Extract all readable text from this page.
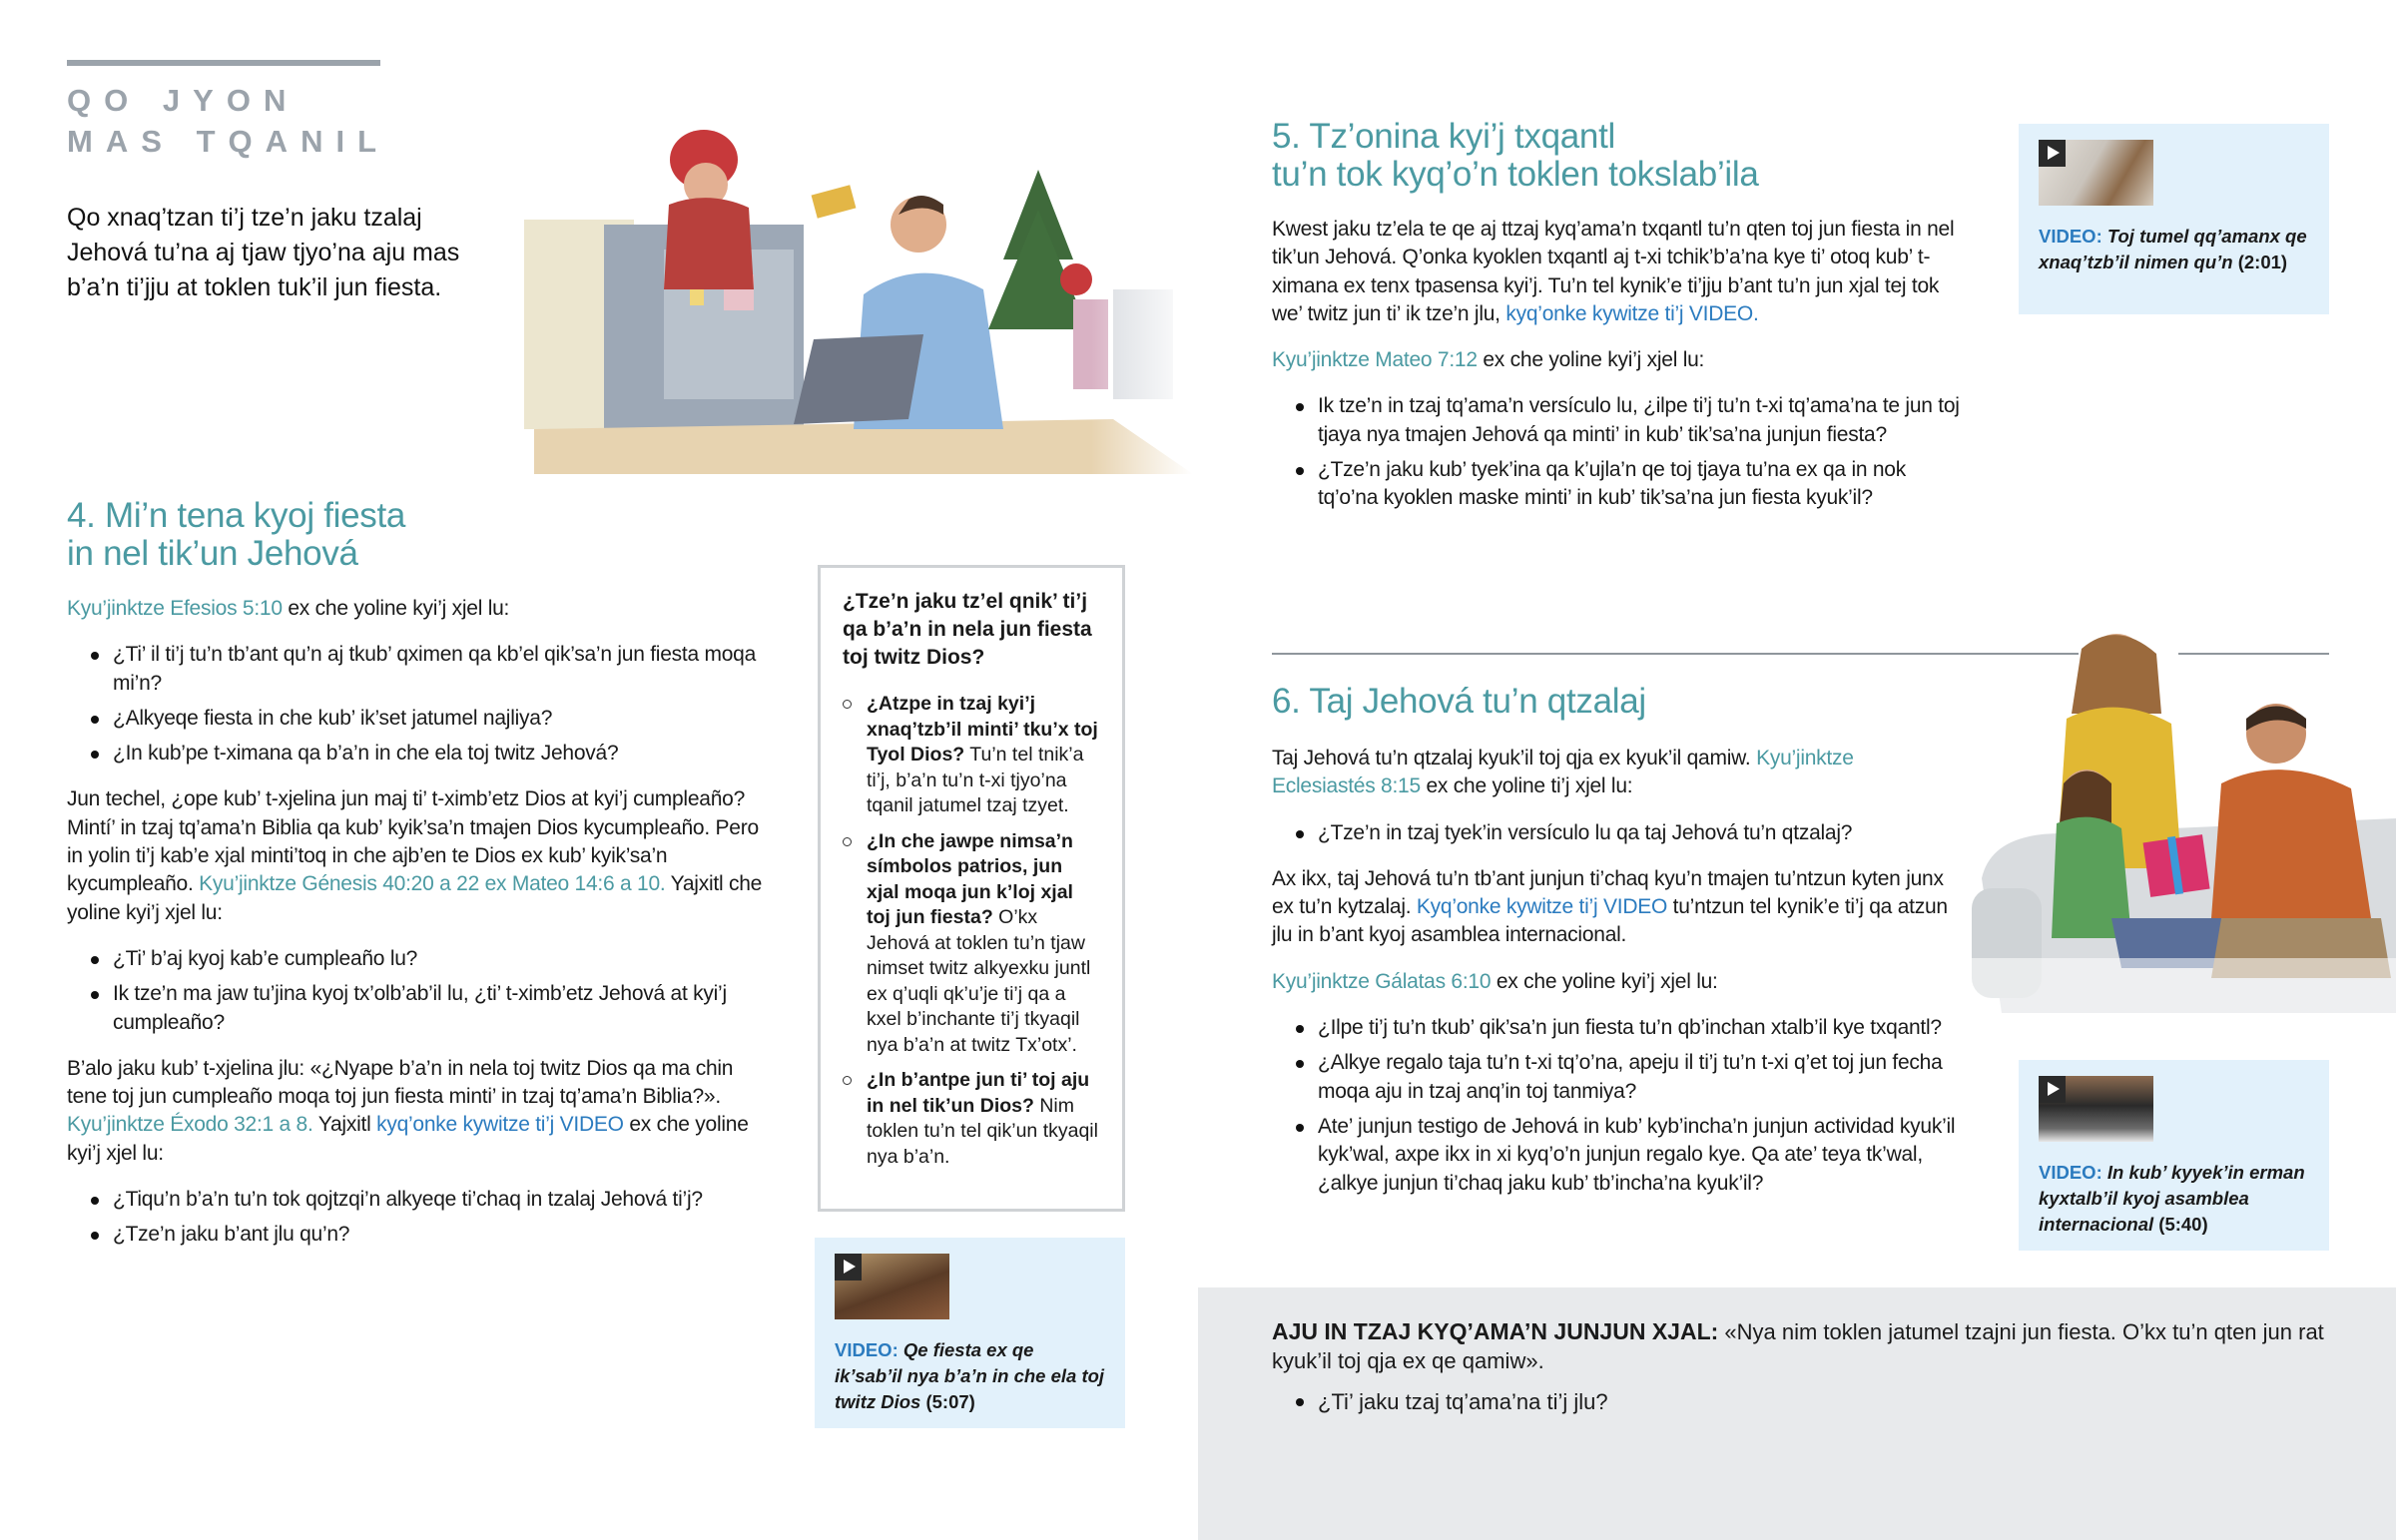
QO JYON
MAS TQANIL
Qo xnaq’tzan ti’j tze’n jaku tzalaj Jehová tu’na aj tjaw tjyo’na aju mas b’a’n ti’jju at toklen tuk’il jun fiesta.
4. Mi’n tena kyoj fiesta
in nel tik’un Jehová

Kyu’jinktze Efesios 5:10 ex che yoline kyi’j xjel lu:

¿Ti’ il ti’j tu’n tb’ant qu’n aj tkub’ qximen qa kb’el qik’sa’n jun fiesta moqa mi’n?
¿Alkyeqe fiesta in che kub’ ik’set jatumel najliya?
¿In kub’pe t-ximana qa b’a’n in che ela toj twitz Jehová?

Jun techel, ¿ope kub’ t-xjelina jun maj ti’ t-ximb’etz Dios at kyi’j cumpleaño? Mintí’ in tzaj tq’ama’n Biblia qa kub’ kyik’sa’n tmajen Dios kycumpleaño. Pero in yolin ti’j kab’e xjal minti’toq in che ajb’en te Dios ex kub’ kyik’sa’n kycumpleaño. Kyu’jinktze Génesis 40:20 a 22 ex Mateo 14:6 a 10. Yajxitl che yoline kyi’j xjel lu:

¿Ti’ b’aj kyoj kab’e cumpleaño lu?
Ik tze’n ma jaw tu’jina kyoj tx’olb’ab’il lu, ¿ti’ t-ximb’etz Jehová at kyi’j cumpleaño?

B’alo jaku kub’ t-xjelina jlu: «¿Nyape b’a’n in nela toj twitz Dios qa ma chin tene toj jun cumpleaño moqa toj jun fiesta minti’ in tzaj tq’ama’n Biblia?». Kyu’jinktze Éxodo 32:1 a 8. Yajxitl kyq’onke kywitze ti’j VIDEO ex che yoline kyi’j xjel lu:

¿Tiqu’n b’a’n tu’n tok qojtzqi’n alkyeqe ti’chaq in tzalaj Jehová ti’j?
¿Tze’n jaku b’ant jlu qu’n?
¿Tze’n jaku tz’el qnik’ ti’j qa b’a’n in nela jun fiesta toj twitz Dios?
¿Atzpe in tzaj kyi’j xnaq’tzb’il minti’ tku’x toj Tyol Dios? Tu’n tel tnik’a ti’j, b’a’n tu’n t-xi tjyo’na tqanil jatumel tzaj tzyet.
¿In che jawpe nimsa’n símbolos patrios, jun xjal moqa jun k’loj xjal toj jun fiesta? O’kx Jehová at toklen tu’n tjaw nimset twitz alkyexku juntl ex q’uqli qk’u’je ti’j qa a kxel b’inchante ti’j tkyaqil nya b’a’n at twitz Tx’otx’.
¿In b’antpe jun ti’ toj aju in nel tik’un Dios? Nim toklen tu’n tel qik’un tkyaqil nya b’a’n.
VIDEO: Qe fiesta ex qe ik’sab’il nya b’a’n in che ela toj twitz Dios (5:07)
5. Tz’onina kyi’j txqantl
tu’n tok kyq’o’n toklen tokslab’ila

Kwest jaku tz’ela te qe aj ttzaj kyq’ama’n txqantl tu’n qten toj jun fiesta in nel tik’un Jehová. Q’onka kyoklen txqantl aj t-xi tchik’b’a’na kye ti’ otoq kub’ t-ximana ex tenx tpasensa kyi’j. Tu’n tel kynik’e ti’jju b’ant tu’n jun xjal tej tok we’ twitz jun ti’ ik tze’n jlu, kyq’onke kywitze ti’j VIDEO.

Kyu’jinktze Mateo 7:12 ex che yoline kyi’j xjel lu:

Ik tze’n in tzaj tq’ama’n versículo lu, ¿ilpe ti’j tu’n t-xi tq’ama’na te jun toj tjaya nya tmajen Jehová qa minti’ in kub’ tik’sa’na junjun fiesta?
¿Tze’n jaku kub’ tyek’ina qa k’ujla’n qe toj tjaya tu’na ex qa in nok tq’o’na kyoklen maske minti’ in kub’ tik’sa’na jun fiesta kyuk’il?
VIDEO: Toj tumel qq’amanx qe xnaq’tzb’il nimen qu’n (2:01)
6. Taj Jehová tu’n qtzalaj

Taj Jehová tu’n qtzalaj kyuk’il toj qja ex kyuk’il qamiw. Kyu’jinktze Eclesiastés 8:15 ex che yoline ti’j xjel lu:

¿Tze’n in tzaj tyek’in versículo lu qa taj Jehová tu’n qtzalaj?

Ax ikx, taj Jehová tu’n tb’ant junjun ti’chaq kyu’n tmajen tu’ntzun kyten junx ex tu’n kytzalaj. Kyq’onke kywitze ti’j VIDEO tu’ntzun tel kynik’e ti’j qa atzun jlu in b’ant kyoj asamblea internacional.

Kyu’jinktze Gálatas 6:10 ex che yoline kyi’j xjel lu:

¿Ilpe ti’j tu’n tkub’ qik’sa’n jun fiesta tu’n qb’inchan xtalb’il kye txqantl?
¿Alkye regalo taja tu’n t-xi tq’o’na, apeju il ti’j tu’n t-xi q’et toj jun fecha moqa aju in tzaj anq’in toj tanmiya?
Ate’ junjun testigo de Jehová in kub’ kyb’incha’n junjun actividad kyuk’il kyk’wal, axpe ikx in xi kyq’o’n junjun regalo kye. Qa ate’ teya tk’wal, ¿alkye junjun ti’chaq jaku kub’ tb’incha’na kyuk’il?	VIDEO: In kub’ kyyek’in erman kyxtalb’il kyoj asamblea internacional (5:40)
AJU IN TZAJ KYQ’AMA’N JUNJUN XJAL: «Nya nim toklen jatumel tzajni jun fiesta. O’kx tu’n qten jun rat kyuk’il toj qja ex qe qamiw».
¿Ti’ jaku tzaj tq’ama’na ti’j jlu?
